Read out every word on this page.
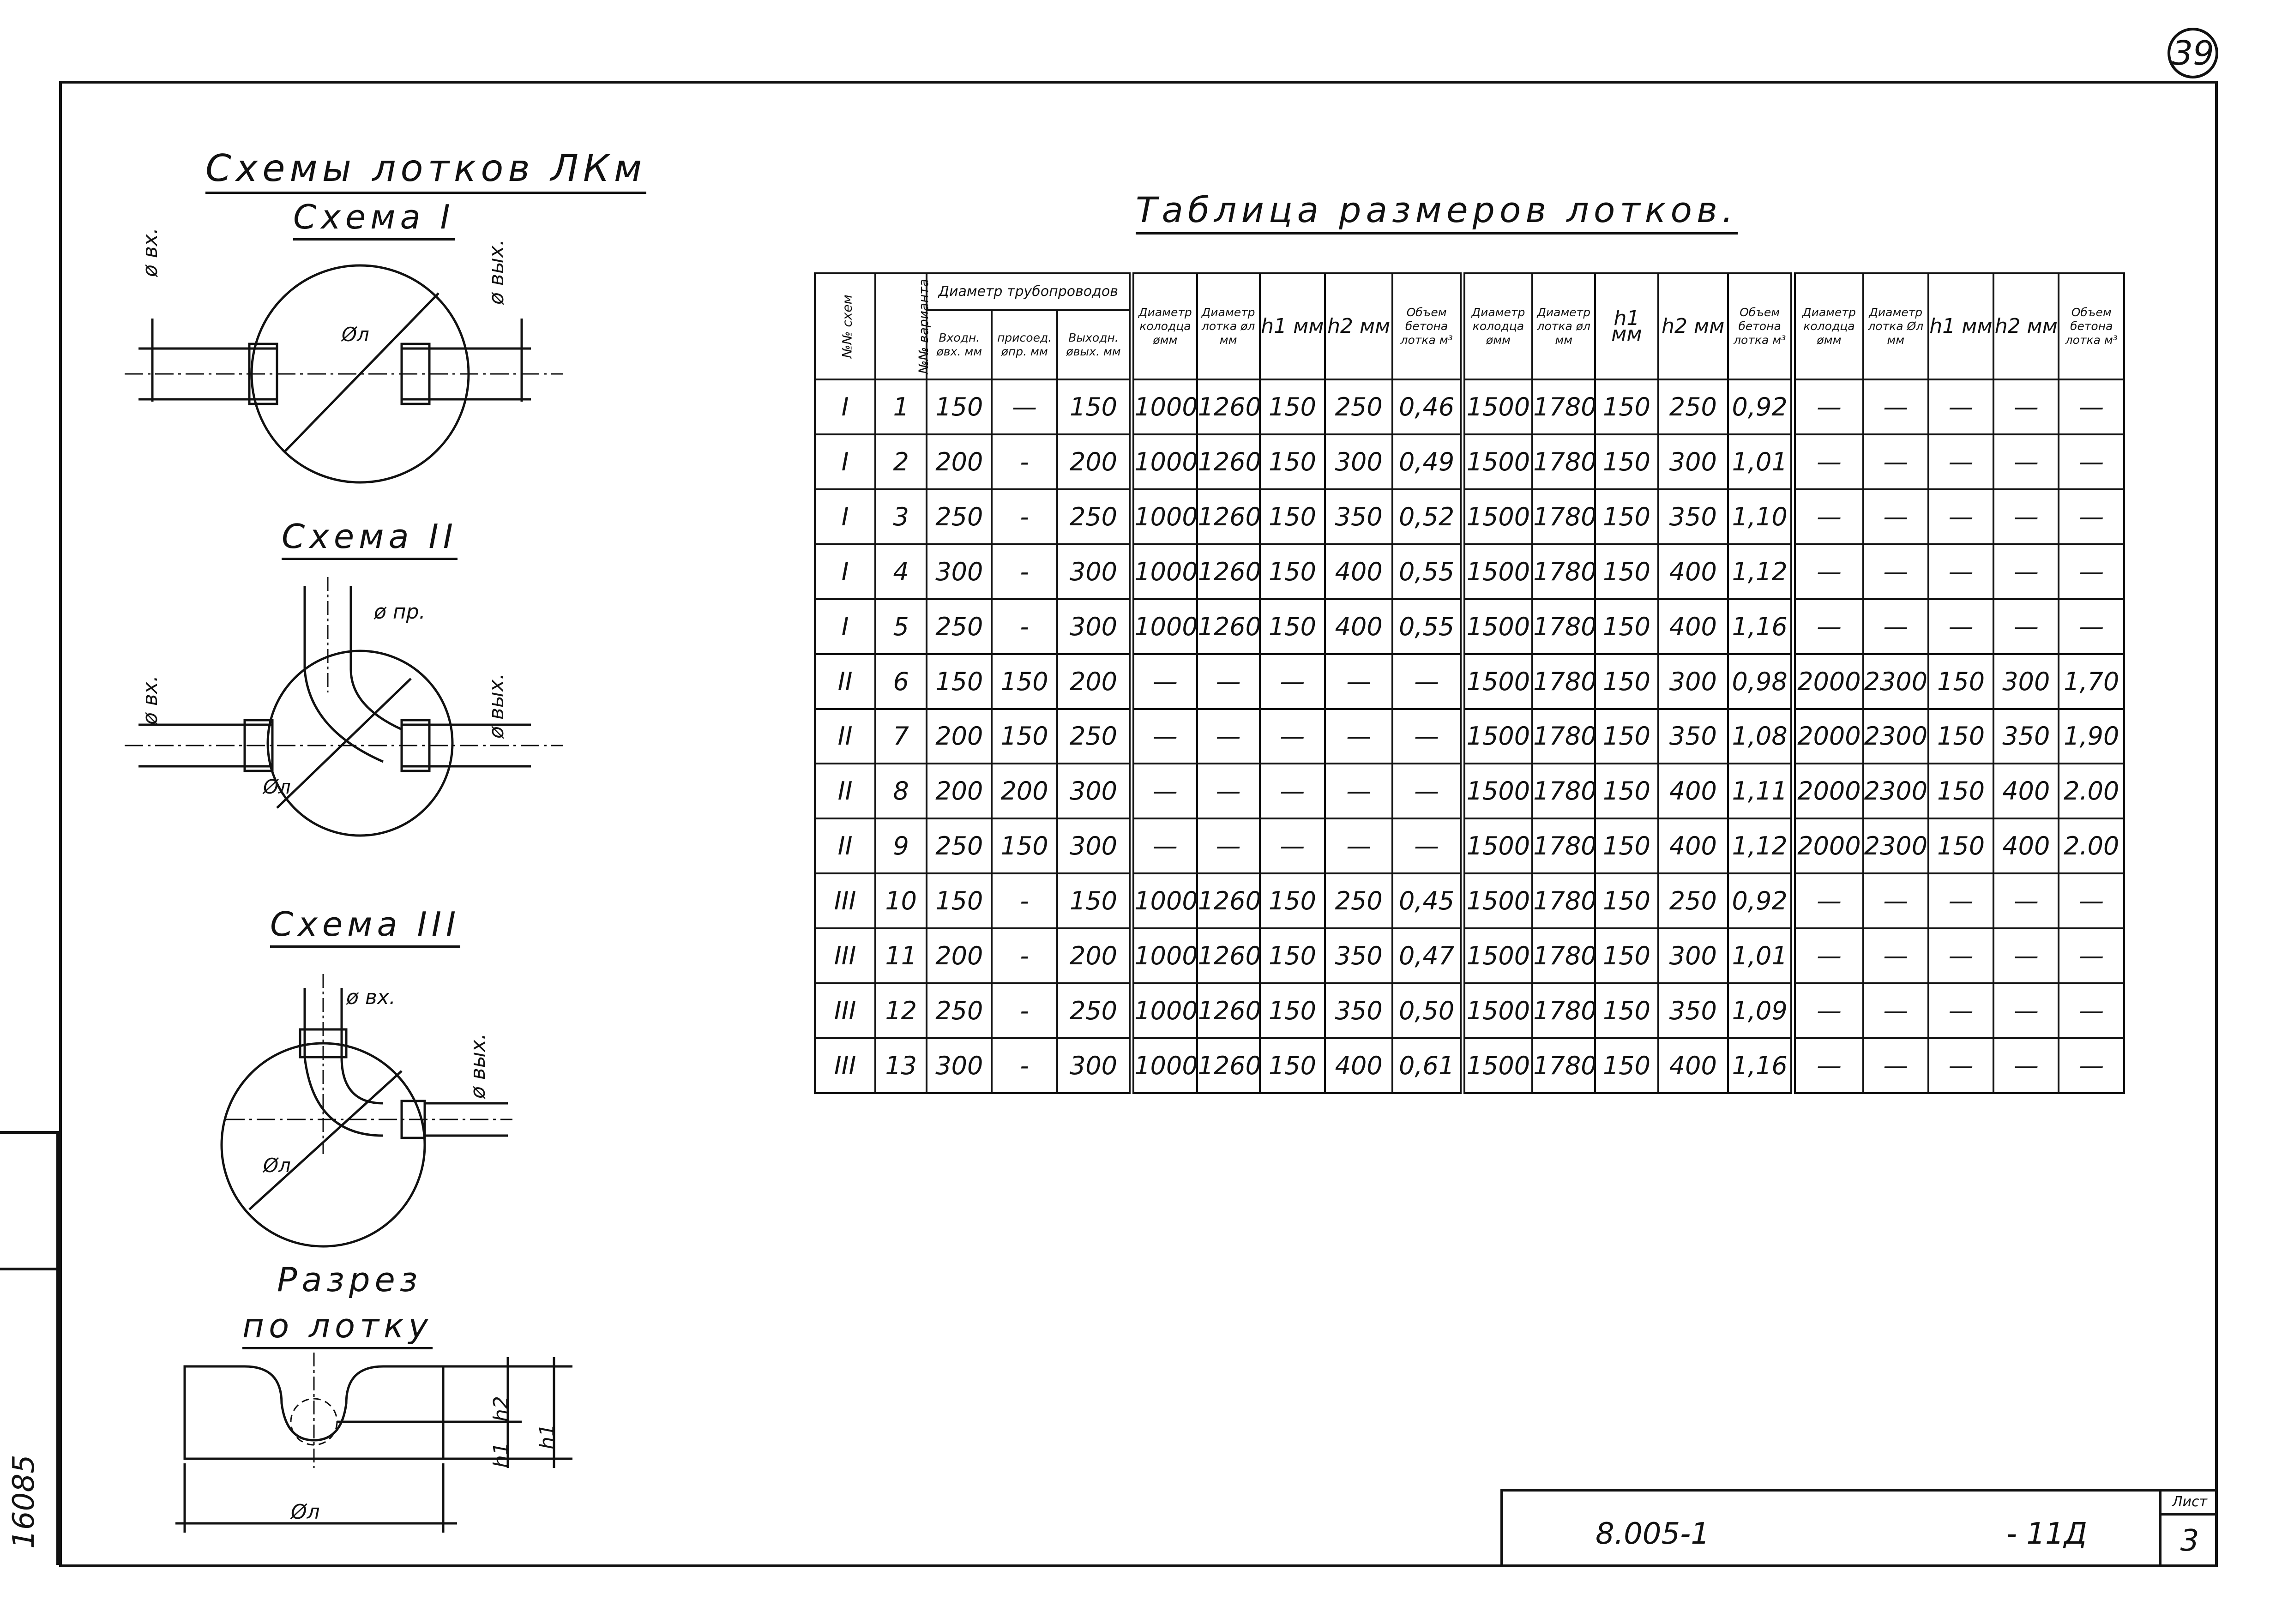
39
16085
Схемы лотков ЛКм
Схема I
Схема II
Схема III
Разрез
по лотку
ø вх.	ø вых.
Øл
ø вх.	ø вых.
ø пр.
Øл
ø вх.
ø вых.
Øл
h2
h1
h1
Øл
Таблица размеров лотков.
№№ схем	№№ варианта	Диаметр трубопроводов			Диаметр колодца øмм	Диаметр лотка øл мм	h1 мм	h2 мм	Объем бетона лотка м³	Диаметр колодца øмм	Диаметр лотка øл мм	h1 мм	h2 мм	Объем бетона лотка м³	Диаметр колодца øмм	Диаметр лотка Øл мм	h1 мм	h2 мм	Объем бетона лотка м³
		Входн. øвх. мм	присоед. øпр. мм	Выходн. øвых. мм															
I	1	150	—	150	1000	1260	150	250	0,46	1500	1780	150	250	0,92	—	—	—	—	—
I	2	200	-	200	1000	1260	150	300	0,49	1500	1780	150	300	1,01	—	—	—	—	—
I	3	250	-	250	1000	1260	150	350	0,52	1500	1780	150	350	1,10	—	—	—	—	—
I	4	300	-	300	1000	1260	150	400	0,55	1500	1780	150	400	1,12	—	—	—	—	—
I	5	250	-	300	1000	1260	150	400	0,55	1500	1780	150	400	1,16	—	—	—	—	—
II	6	150	150	200	—	—	—	—	—	1500	1780	150	300	0,98	2000	2300	150	300	1,70
II	7	200	150	250	—	—	—	—	—	1500	1780	150	350	1,08	2000	2300	150	350	1,90
II	8	200	200	300	—	—	—	—	—	1500	1780	150	400	1,11	2000	2300	150	400	2.00
II	9	250	150	300	—	—	—	—	—	1500	1780	150	400	1,12	2000	2300	150	400	2.00
III	10	150	-	150	1000	1260	150	250	0,45	1500	1780	150	250	0,92	—	—	—	—	—
III	11	200	-	200	1000	1260	150	350	0,47	1500	1780	150	300	1,01	—	—	—	—	—
III	12	250	-	250	1000	1260	150	350	0,50	1500	1780	150	350	1,09	—	—	—	—	—
III	13	300	-	300	1000	1260	150	400	0,61	1500	1780	150	400	1,16	—	—	—	—	—
8.005-1	- 11Д
Лист
3
